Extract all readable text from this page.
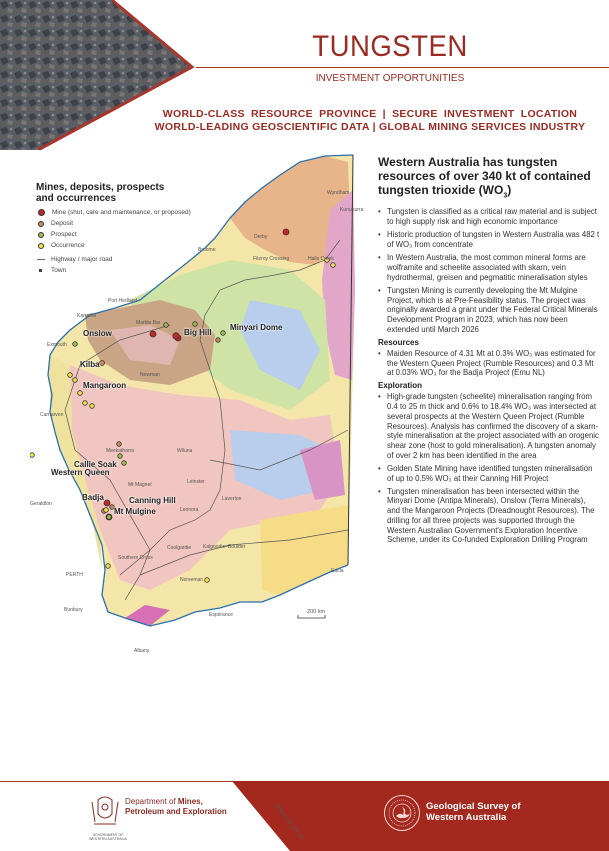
TUNGSTEN
INVESTMENT OPPORTUNITIES
WORLD-CLASS RESOURCE PROVINCE | SECURE INVESTMENT LOCATION
WORLD-LEADING GEOSCIENTIFIC DATA | GLOBAL MINING SERVICES INDUSTRY
Mines, deposits, prospects
and occurrences
Mine (shut, care and maintenance, or proposed)
Deposit
Prospect
Occurrence
Highway / major road
Town
Onslow
Kilba
Mangaroon
Big Hill
Minyari Dome
Callie Soak
Western Queen
Badja	Canning Hill
Mt Mulgine
Wyndham
Kununurra
Derby
Broome
Fitzroy Crossing	Halls Creek
Port Hedland
Karratha
Marble Bar
Exmouth
Newman
Carnarvon
Meekatharra	Wiluna
Mt Magnet	Leinster
Geraldton
Leonora
Laverton
Southern Cross
Coolgardie Kalgoorlie–Boulder
PERTH
Norseman
Eucla
Bunbury
Esperance
Albany
200 km
Western Australia has tungsten resources of over 340 kt of contained tungsten trioxide $(WO_3)$
• Tungsten is classified as a critical raw material and is subject to high supply risk and high economic importance
• Historic production of tungsten in Western Australia was 482 t of WO₃ from concentrate
• In Western Australia, the most common mineral forms are wolframite and scheelite associated with skarn, vein hydrothermal, greisen and pegmatitic mineralisation styles
• Tungsten Mining is currently developing the Mt Mulgine Project, which is at Pre-Feasibility status. The project was originally awarded a grant under the Federal Critical Minerals Development Program in 2023, which has now been extended until March 2026
Resources
• Maiden Resource of 4.31 Mt at 0.3% WO₃ was estimated for the Western Queen Project (Rumble Resources) and 0.3 Mt at 0.03% WO₃ for the Badja Project (Emu NL)
Exploration
• High-grade tungsten (scheelite) mineralisation ranging from 0.4 to 25 m thick and 0.6% to 18.4% WO₃ was intersected at several prospects at the Western Queen Project (Rumble Resources). Analysis has confirmed the discovery of a skarn-style mineralisation at the project associated with an orogenic shear zone (host to gold mineralisation). A tungsten anomaly of over 2 km has been identified in the area
• Golden State Mining have identified tungsten mineralisation of up to 0.5% WO₃ at their Canning Hill Project
• Tungsten mineralisation has been intersected within the Minyari Dome (Antipa Minerals), Onslow (Terra Minerals), and the Mangaroon Projects (Dreadnought Resources). The drilling for all three projects was supported through the Western Australian Government's Exploration Incentive Scheme, under its Co-funded Exploration Drilling Program
GOVERNMENT OF
WESTERN AUSTRALIA
Department of Mines,
Petroleum and Exploration	dmpe.wa.gov.au	Geological Survey of
Western Australia
